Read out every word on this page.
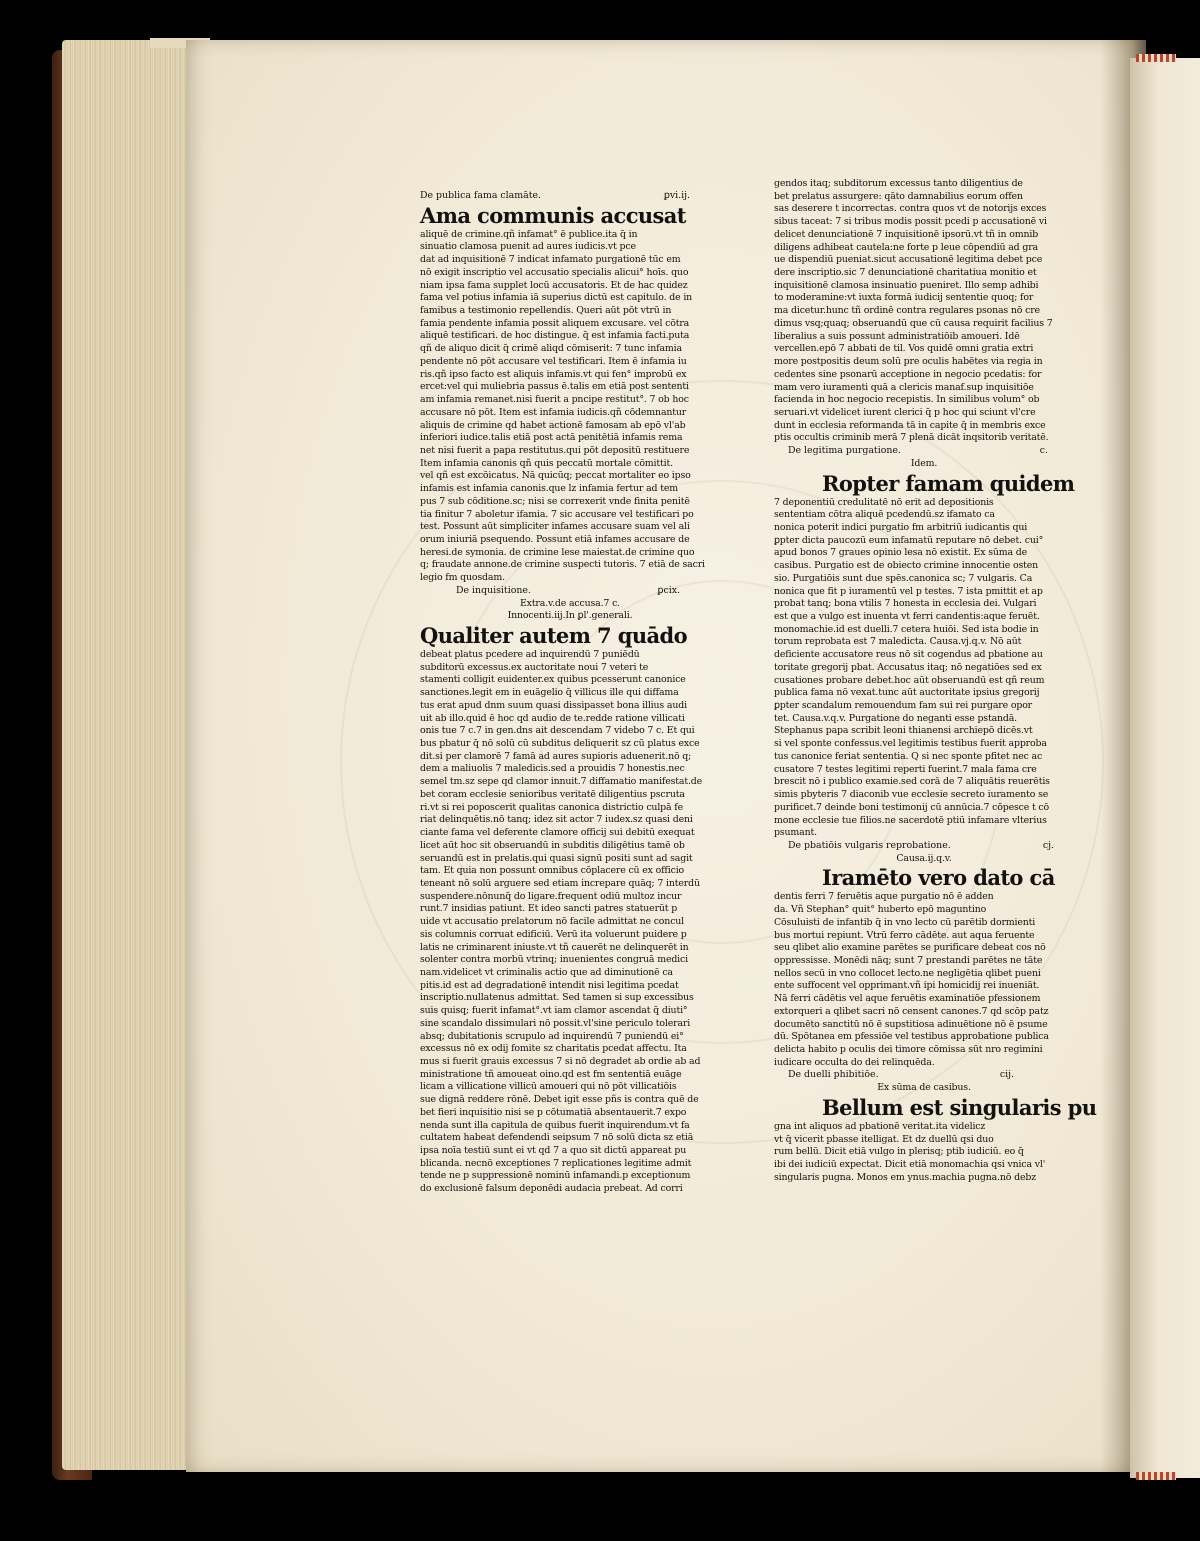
De publica fama clamāte.	ꝑvi.ij.
Ama communis accusat
aliquē de crimine.qñ infamat° ē publice.ita q̄ in
sinuatio clamosa puenit ad aures iudicis.vt pce
dat ad inquisitionē 7 indicat infamato purgationē tūc em
nō exigit inscriptio vel accusatio specialis alicui° hoīs. quo
niam ipsa fama supplet locū accusatoris. Et de hac quidez
fama vel potius infamia iā superius dictū est capitulo. de in
famibus a testimonio repellendis. Queri aūt pōt vtrū in
famia pendente infamia possit aliquem excusare. vel cōtra
aliquē testificari. de hoc distingue. q̄ est infamia facti.puta
qñ de aliquo dicit q̄ crimē aliqd cōmiserit: 7 tunc infamia
pendente nō pōt accusare vel testificari. Item ē infamia iu
ris.qñ ipso facto est aliquis infamis.vt qui fen° improbū ex
ercet:vel qui muliebria passus ē.talis em etiā post sententi
am infamia remanet.nisi fuerit a pncipe restitut°. 7 ob hoc
accusare nō pōt. Item est infamia iudicis.qñ cōdemnantur
aliquis de crimine qd habet actionē famosam ab epō vl'ab
inferiori iudice.talis etiā post actā penitētiā infamis rema
net nisi fuerit a papa restitutus.qui pōt depositū restituere
Item infamia canonis qñ quis peccatū mortale cōmittit.
vel qñ est excōicatus. Nā quicūq; peccat mortaliter eo ipso
infamis est infamia canonis.que lz infamia fertur ad tem
pus 7 sub cōditione.sc; nisi se correxerit vnde finita penitē
tia finitur 7 aboletur ifamia. 7 sic accusare vel testificari po
test. Possunt aūt simpliciter infames accusare suam vel ali
orum iniuriā psequendo. Possunt etiā infames accusare de
heresi.de symonia. de crimine lese maiestat.de crimine quo
q; fraudate annone.de crimine suspecti tutoris. 7 etiā de sacri
legio fm quosdam.
De inquisitione.	ꝑcix.
Extra.v.de accusa.7 c.
Innocenti.iij.In ꝑl'.generali.
Qualiter autem 7 quādo
debeat platus pcedere ad inquirendū 7 puniēdū
subditorū excessus.ex auctoritate noui 7 veteri te
stamenti colligit euidenter.ex quibus pcesserunt canonice
sanctiones.legit em in euāgelio q̄ villicus ille qui diffama
tus erat apud dnm suum quasi dissipasset bona illius audi
uit ab illo.quid ē hoc qd audio de te.redde ratione villicati
onis tue 7 c.7 in gen.dns ait descendam 7 videbo 7 c. Et qui
bus pbatur q̄ nō solū cū subditus deliquerit sz cū platus exce
dit.si per clamorē 7 famā ad aures supioris aduenerit.nō q;
dem a maliuolis 7 maledicis.sed a prouidis 7 honestis.nec
semel tm.sz sepe qd clamor innuit.7 diffamatio manifestat.de
bet coram ecclesie senioribus veritatē diligentius pscruta
ri.vt si rei poposcerit qualitas canonica districtio culpā fe
riat delinquētis.nō tanq; idez sit actor 7 iudex.sz quasi deni
ciante fama vel deferente clamore officij sui debitū exequat
licet aūt hoc sit obseruandū in subditis diligētius tamē ob
seruandū est in prelatis.qui quasi signū positi sunt ad sagit
tam. Et quia non possunt omnibus cōplacere cū ex officio
teneant nō solū arguere sed etiam increpare quāq; 7 interdū
suspendere.nōnunq̄ do ligare.frequent odiū multoz incur
runt.7 insidias patiunt. Et ideo sancti patres statuerūt p
uide vt accusatio prelatorum nō facile admittat ne concul
sis columnis corruat edificiū. Verū ita voluerunt puidere p
latis ne criminarent iniuste.vt tñ cauerēt ne delinquerēt in
solenter contra morbū vtrinq; inuenientes congruā medici
nam.videlicet vt criminalis actio que ad diminutionē ca
pitis.id est ad degradationē intendit nisi legitima pcedat
inscriptio.nullatenus admittat. Sed tamen si sup excessibus
suis quisq; fuerit infamat°.vt iam clamor ascendat q̄ diuti°
sine scandalo dissimulari nō possit.vl'sine periculo tolerari
absq; dubitationis scrupulo ad inquirendū 7 puniendū ei°
excessus nō ex odij fomite sz charitatis pcedat affectu. Ita
mus si fuerit grauis excessus 7 si nō degradet ab ordie ab ad
ministratione tñ amoueat oino.qd est fm sententiā euāge
licam a villicatione villicū amoueri qui nō pōt villicatiōis
sue dignā reddere rōnē. Debet igit esse pñs is contra quē de
bet fieri inquisitio nisi se p cōtumatiā absentauerit.7 expo
nenda sunt illa capitula de quibus fuerit inquirendum.vt fa
cultatem habeat defendendi seipsum 7 nō solū dicta sz etiā
ipsa noīa testiū sunt ei vt qd 7 a quo sit dictū appareat pu
blicanda. necnō exceptiones 7 replicationes legitime admit
tende ne p suppressionē nominū infamandi.p exceptionum
do exclusionē falsum deponēdi audacia prebeat. Ad corri
gendos itaq; subditorum excessus tanto diligentius de
bet prelatus assurgere: qāto damnabilius eorum offen
sas deserere t incorrectas. contra quos vt de notorijs exces
sibus taceat: 7 si tribus modis possit pcedi p accusationē vi
delicet denunciationē 7 inquisitionē ipsorū.vt tñ in omnib
diligens adhibeat cautela:ne forte p leue cōpendiū ad gra
ue dispendiū pueniat.sicut accusationē legitima debet pce
dere inscriptio.sic 7 denunciationē charitatiua monitio et
inquisitionē clamosa insinuatio pueniret. Illo semp adhibi
to moderamine:vt iuxta formā iudicij sententie quoq; for
ma dicetur.hunc tñ ordinē contra regulares psonas nō cre
dimus vsq;quaq; obseruandū que cū causa requirit facilius 7
liberalius a suis possunt administratiōib amoueri. Idē
vercellen.epō 7 abbati de til. Vos quidē omni gratia extri
more postpositis deum solū pre oculis habētes via regia in
cedentes sine psonarū acceptione in negocio pcedatis: for
mam vero iuramenti quā a clericis manaf.sup inquisitiōe
facienda in hoc negocio recepistis. In similibus volum° ob
seruari.vt videlicet iurent clerici q̄ p hoc qui sciunt vl'cre
dunt in ecclesia reformanda tā in capite q̄ in membris exce
ptis occultis criminib merā 7 plenā dicāt inqsitorib veritatē.
De legitima purgatione.	c.
Idem.
Ropter famam quidem
7 deponentiū credulitatē nō erit ad depositionis
sententiam cōtra aliquē pcedendū.sz ifamato ca
nonica poterit indici purgatio fm arbitriū iudicantis qui
ꝑpter dicta paucozū eum infamatū reputare nō debet. cui°
apud bonos 7 graues opinio lesa nō existit. Ex sūma de
casibus. Purgatio est de obiecto crimine innocentie osten
sio. Purgatiōis sunt due spēs.canonica sc; 7 vulgaris. Ca
nonica que fit p iuramentū vel p testes. 7 ista pmittit et ap
probat tanq; bona vtilis 7 honesta in ecclesia dei. Vulgari
est que a vulgo est inuenta vt ferri candentis:aque feruēt.
monomachie.id est duelli.7 cetera huiōi. Sed ista bodie in
torum reprobata est 7 maledicta. Causa.vj.q.v. Nō aūt
deficiente accusatore reus nō sit cogendus ad pbatione au
toritate gregorij pbat. Accusatus itaq; nō negatiōes sed ex
cusationes probare debet.hoc aūt obseruandū est qñ reum
publica fama nō vexat.tunc aūt auctoritate ipsius gregorij
ꝑpter scandalum remouendum fam sui rei purgare opor
tet. Causa.v.q.v. Purgatione do neganti esse pstandā.
Stephanus papa scribit leoni thianensi archiepō dicēs.vt
si vel sponte confessus.vel legitimis testibus fuerit approba
tus canonice feriat sententia. Q si nec sponte pfitet nec ac
cusatore 7 testes legitimi reperti fuerint.7 mala fama cre
brescit nō i publico examie.sed corā de 7 aliquātis reuerētis
simis pbyteris 7 diaconib vue ecclesie secreto iuramento se
purificet.7 deinde boni testimonij cū annūcia.7 cōpesce t cō
mone ecclesie tue filios.ne sacerdotē ptiū infamare vlterius
psumant.
De pbatiōis vulgaris reprobatione.	cj.
Causa.ij.q.v.
Iramēto vero dato cā
dentis ferri 7 feruētis aque purgatio nō ē adden
da. Vñ Stephan° quit° huberto epō maguntino
Cōsuluisti de infantib q̄ in vno lecto cū parētib dormienti
bus mortui repiunt. Vtrū ferro cādēte. aut aqua feruente
seu qlibet alio examine parētes se purificare debeat cos nō
oppressisse. Monēdi nāq; sunt 7 prestandi parētes ne tāte
nellos secū in vno collocet lecto.ne negligētia qlibet pueni
ente suffocent vel opprimant.vñ ipi homicidij rei inueniāt.
Nā ferri cādētis vel aque feruētis examinatiōe pfessionem
extorqueri a qlibet sacri nō censent canones.7 qd scōp patz
documēto sanctitū nō ē supstitiosa adinuētione nō ē psume
dū. Spōtanea em pfessiōe vel testibus approbatione publica
delicta habito p oculis dei timore cōmissa sūt nro regimini
iudicare occulta do dei relinquēda.
De duelli phibitiōe.	cij.
Ex sūma de casibus.
Bellum est singularis pu
gna int aliquos ad pbationē veritat.ita videlicz
vt q̄ vicerit pbasse itelligat. Et dz duellū qsi duo
rum bellū. Dicit etiā vulgo in plerisq; ptib iudiciū. eo q̄
ibi dei iudiciū expectat. Dicit etiā monomachia qsi vnica vl'
singularis pugna. Monos em ynus.machia pugna.nō debz
